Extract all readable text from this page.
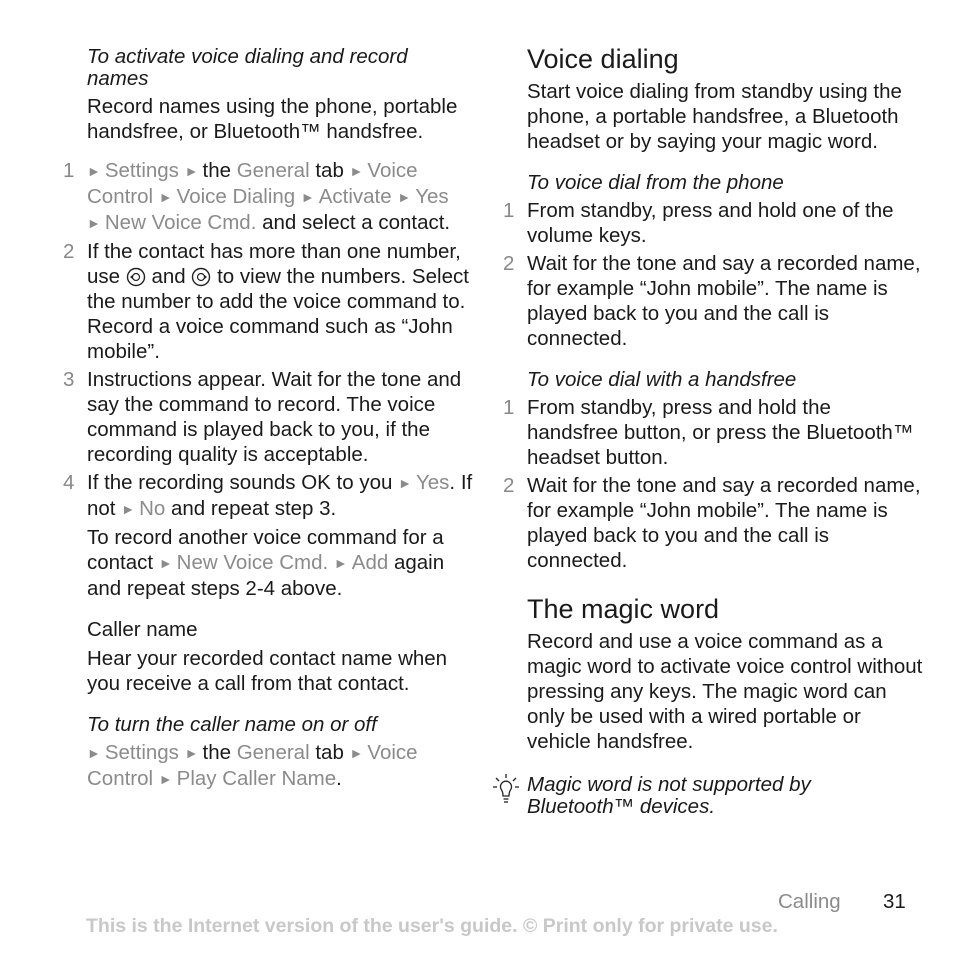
To activate voice dialing and record names

Record names using the phone, portable handsfree, or Bluetooth™ handsfree.

1 ► Settings ► the General tab ► Voice Control ► Voice Dialing ► Activate ► Yes ► New Voice Cmd. and select a contact.
2 If the contact has more than one number, use and to view the numbers. Select the number to add the voice command to. Record a voice command such as “John mobile”.
3 Instructions appear. Wait for the tone and say the command to record. The voice command is played back to you, if the recording quality is acceptable.
4 If the recording sounds OK to you ► Yes. If not ► No and repeat step 3.
To record another voice command for a contact ► New Voice Cmd. ► Add again and repeat steps 2-4 above.

Caller name

Hear your recorded contact name when you receive a call from that contact.

To turn the caller name on or off

► Settings ► the General tab ► Voice Control ► Play Caller Name.

Voice dialing

Start voice dialing from standby using the phone, a portable handsfree, a Bluetooth headset or by saying your magic word.

To voice dial from the phone

1 From standby, press and hold one of the volume keys.
2 Wait for the tone and say a recorded name, for example “John mobile”. The name is played back to you and the call is connected.

To voice dial with a handsfree

1 From standby, press and hold the handsfree button, or press the Bluetooth™ headset button.
2 Wait for the tone and say a recorded name, for example “John mobile”. The name is played back to you and the call is connected.
The magic word

Record and use a voice command as a magic word to activate voice control without pressing any keys. The magic word can only be used with a wired portable or vehicle handsfree.

Magic word is not supported by Bluetooth™ devices.

Calling 31
This is the Internet version of the user's guide. © Print only for private use.
